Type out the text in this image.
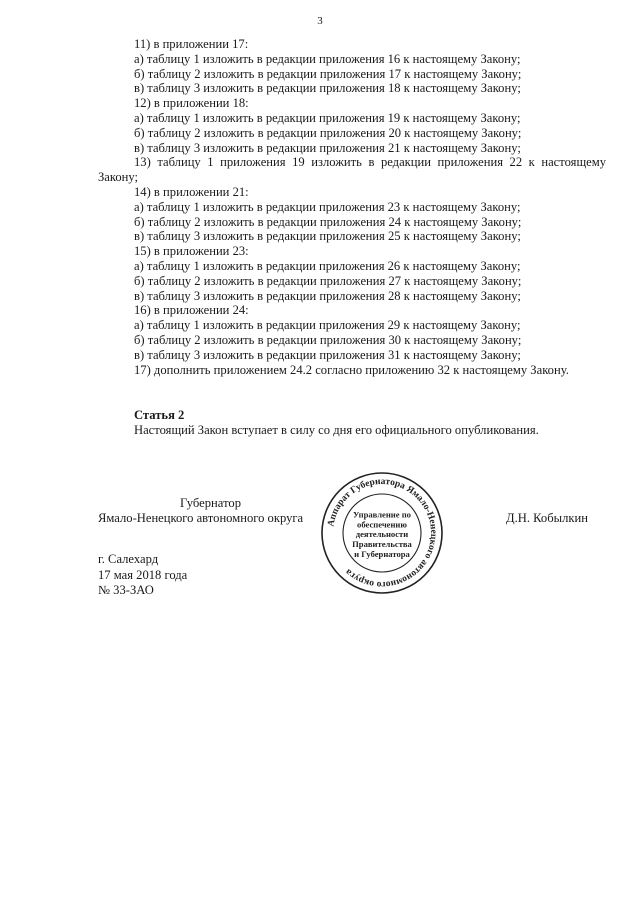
3
11) в приложении 17:
а) таблицу 1 изложить в редакции приложения 16 к настоящему Закону;
б) таблицу 2 изложить в редакции приложения 17 к настоящему Закону;
в) таблицу 3 изложить в редакции приложения 18 к настоящему Закону;
12) в приложении 18:
а) таблицу 1 изложить в редакции приложения 19 к настоящему Закону;
б) таблицу 2 изложить в редакции приложения 20 к настоящему Закону;
в) таблицу 3 изложить в редакции приложения 21 к настоящему Закону;
13) таблицу 1 приложения 19 изложить в редакции приложения 22 к настоящему Закону;
14) в приложении 21:
а) таблицу 1 изложить в редакции приложения 23 к настоящему Закону;
б) таблицу 2 изложить в редакции приложения 24 к настоящему Закону;
в) таблицу 3 изложить в редакции приложения 25 к настоящему Закону;
15) в приложении 23:
а) таблицу 1 изложить в редакции приложения 26 к настоящему Закону;
б) таблицу 2 изложить в редакции приложения 27 к настоящему Закону;
в) таблицу 3 изложить в редакции приложения 28 к настоящему Закону;
16) в приложении 24:
а) таблицу 1 изложить в редакции приложения 29 к настоящему Закону;
б) таблицу 2 изложить в редакции приложения 30 к настоящему Закону;
в) таблицу 3 изложить в редакции приложения 31 к настоящему Закону;
17) дополнить приложением 24.2 согласно приложению 32 к настоящему Закону.
Статья 2
Настоящий Закон вступает в силу со дня его официального опубликования.
Губернатор
Ямало-Ненецкого автономного округа Аппарат Губернатора Ямало-Ненецкого автономного округа
Управление по
обеспечению
деятельности
Правительства
и Губернатора
Д.Н. Кобылкин
г. Салехард
17 мая 2018 года
№ 33-ЗАО
